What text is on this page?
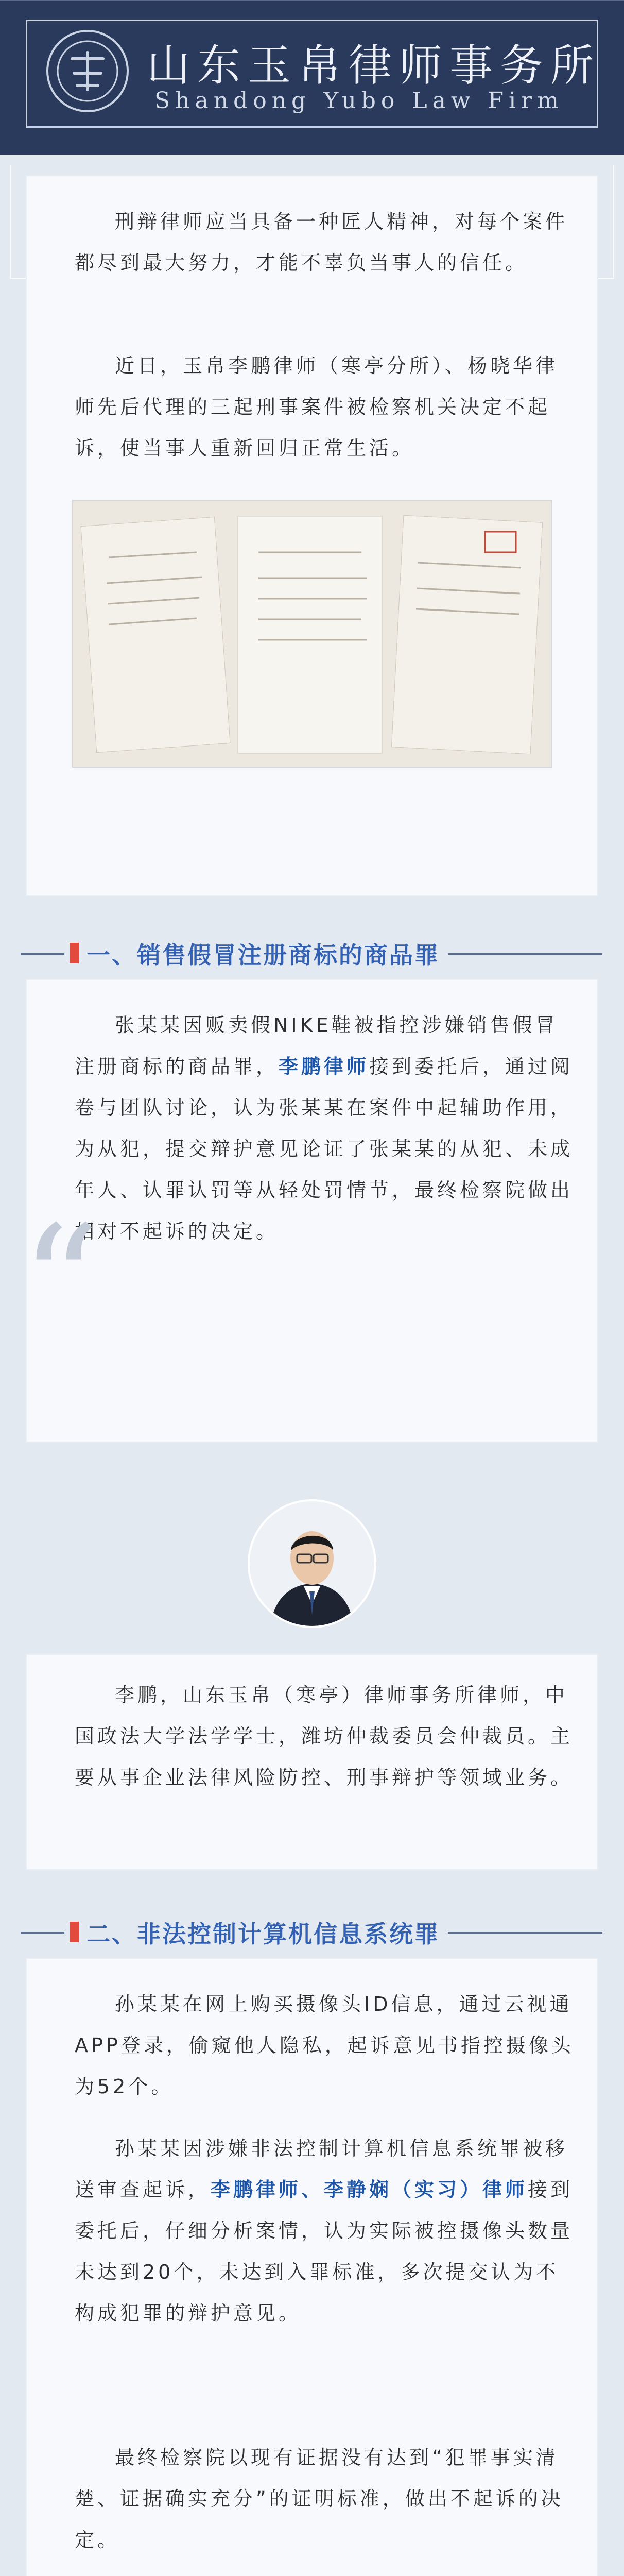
山东玉帛律师事务所
Shandong Yubo Law Firm

刑辩律师应当具备一种匠人精神，对每个案件都尽到最大努力，才能不辜负当事人的信任。

近日，玉帛李鹏律师（寒亭分所）、杨晓华律师先后代理的三起刑事案件被检察机关决定不起诉，使当事人重新回归正常生活。

一、销售假冒注册商标的商品罪

张某某因贩卖假NIKE鞋被指控涉嫌销售假冒注册商标的商品罪，李鹏律师接到委托后，通过阅卷与团队讨论，认为张某某在案件中起辅助作用，为从犯，提交辩护意见论证了张某某的从犯、未成年人、认罪认罚等从轻处罚情节，最终检察院做出相对不起诉的决定。

“

李鹏，山东玉帛（寒亭）律师事务所律师，中国政法大学法学学士，潍坊仲裁委员会仲裁员。主要从事企业法律风险防控、刑事辩护等领域业务。

二、非法控制计算机信息系统罪

孙某某在网上购买摄像头ID信息，通过云视通APP登录，偷窥他人隐私，起诉意见书指控摄像头为52个。

孙某某因涉嫌非法控制计算机信息系统罪被移送审查起诉，李鹏律师、李静娴（实习）律师接到委托后，仔细分析案情，认为实际被控摄像头数量未达到20个，未达到入罪标准，多次提交认为不构成犯罪的辩护意见。

最终检察院以现有证据没有达到“犯罪事实清楚、证据确实充分”的证明标准，做出不起诉的决定。
